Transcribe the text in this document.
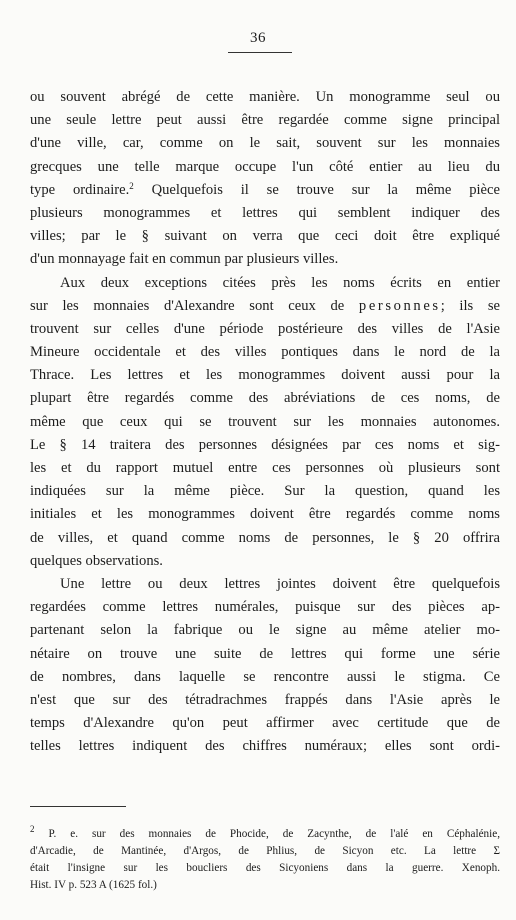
36
ou souvent abrégé de cette manière. Un monogramme seul ou
une seule lettre peut aussi être regardée comme signe principal
d'une ville, car, comme on le sait, souvent sur les monnaies
grecques une telle marque occupe l'un côté entier au lieu du
type ordinaire.$^2$ Quelquefois il se trouve sur la même pièce
plusieurs monogrammes et lettres qui semblent indiquer des
villes; par le § suivant on verra que ceci doit être expliqué
d'un monnayage fait en commun par plusieurs villes.
Aux deux exceptions citées près les noms écrits en entier
sur les monnaies d'Alexandre sont ceux de personnes; ils se
trouvent sur celles d'une période postérieure des villes de l'Asie
Mineure occidentale et des villes pontiques dans le nord de la
Thrace. Les lettres et les monogrammes doivent aussi pour la
plupart être regardés comme des abréviations de ces noms, de
même que ceux qui se trouvent sur les monnaies autonomes.
Le § 14 traitera des personnes désignées par ces noms et sig-
les et du rapport mutuel entre ces personnes où plusieurs sont
indiquées sur la même pièce. Sur la question, quand les
initiales et les monogrammes doivent être regardés comme noms
de villes, et quand comme noms de personnes, le § 20 offrira
quelques observations.
Une lettre ou deux lettres jointes doivent être quelquefois
regardées comme lettres numérales, puisque sur des pièces ap-
partenant selon la fabrique ou le signe au même atelier mo-
nétaire on trouve une suite de lettres qui forme une série
de nombres, dans laquelle se rencontre aussi le stigma. Ce
n'est que sur des tétradrachmes frappés dans l'Asie après le
temps d'Alexandre qu'on peut affirmer avec certitude que de
telles lettres indiquent des chiffres numéraux; elles sont ordi-
$^2$ P. e. sur des monnaies de Phocide, de Zacynthe, de l'alé en Céphalénie,
d'Arcadie, de Mantinée, d'Argos, de Phlius, de Sicyon etc. La lettre Σ
était l'insigne sur les boucliers des Sicyoniens dans la guerre. Xenoph.
Hist. IV p. 523 A (1625 fol.)
